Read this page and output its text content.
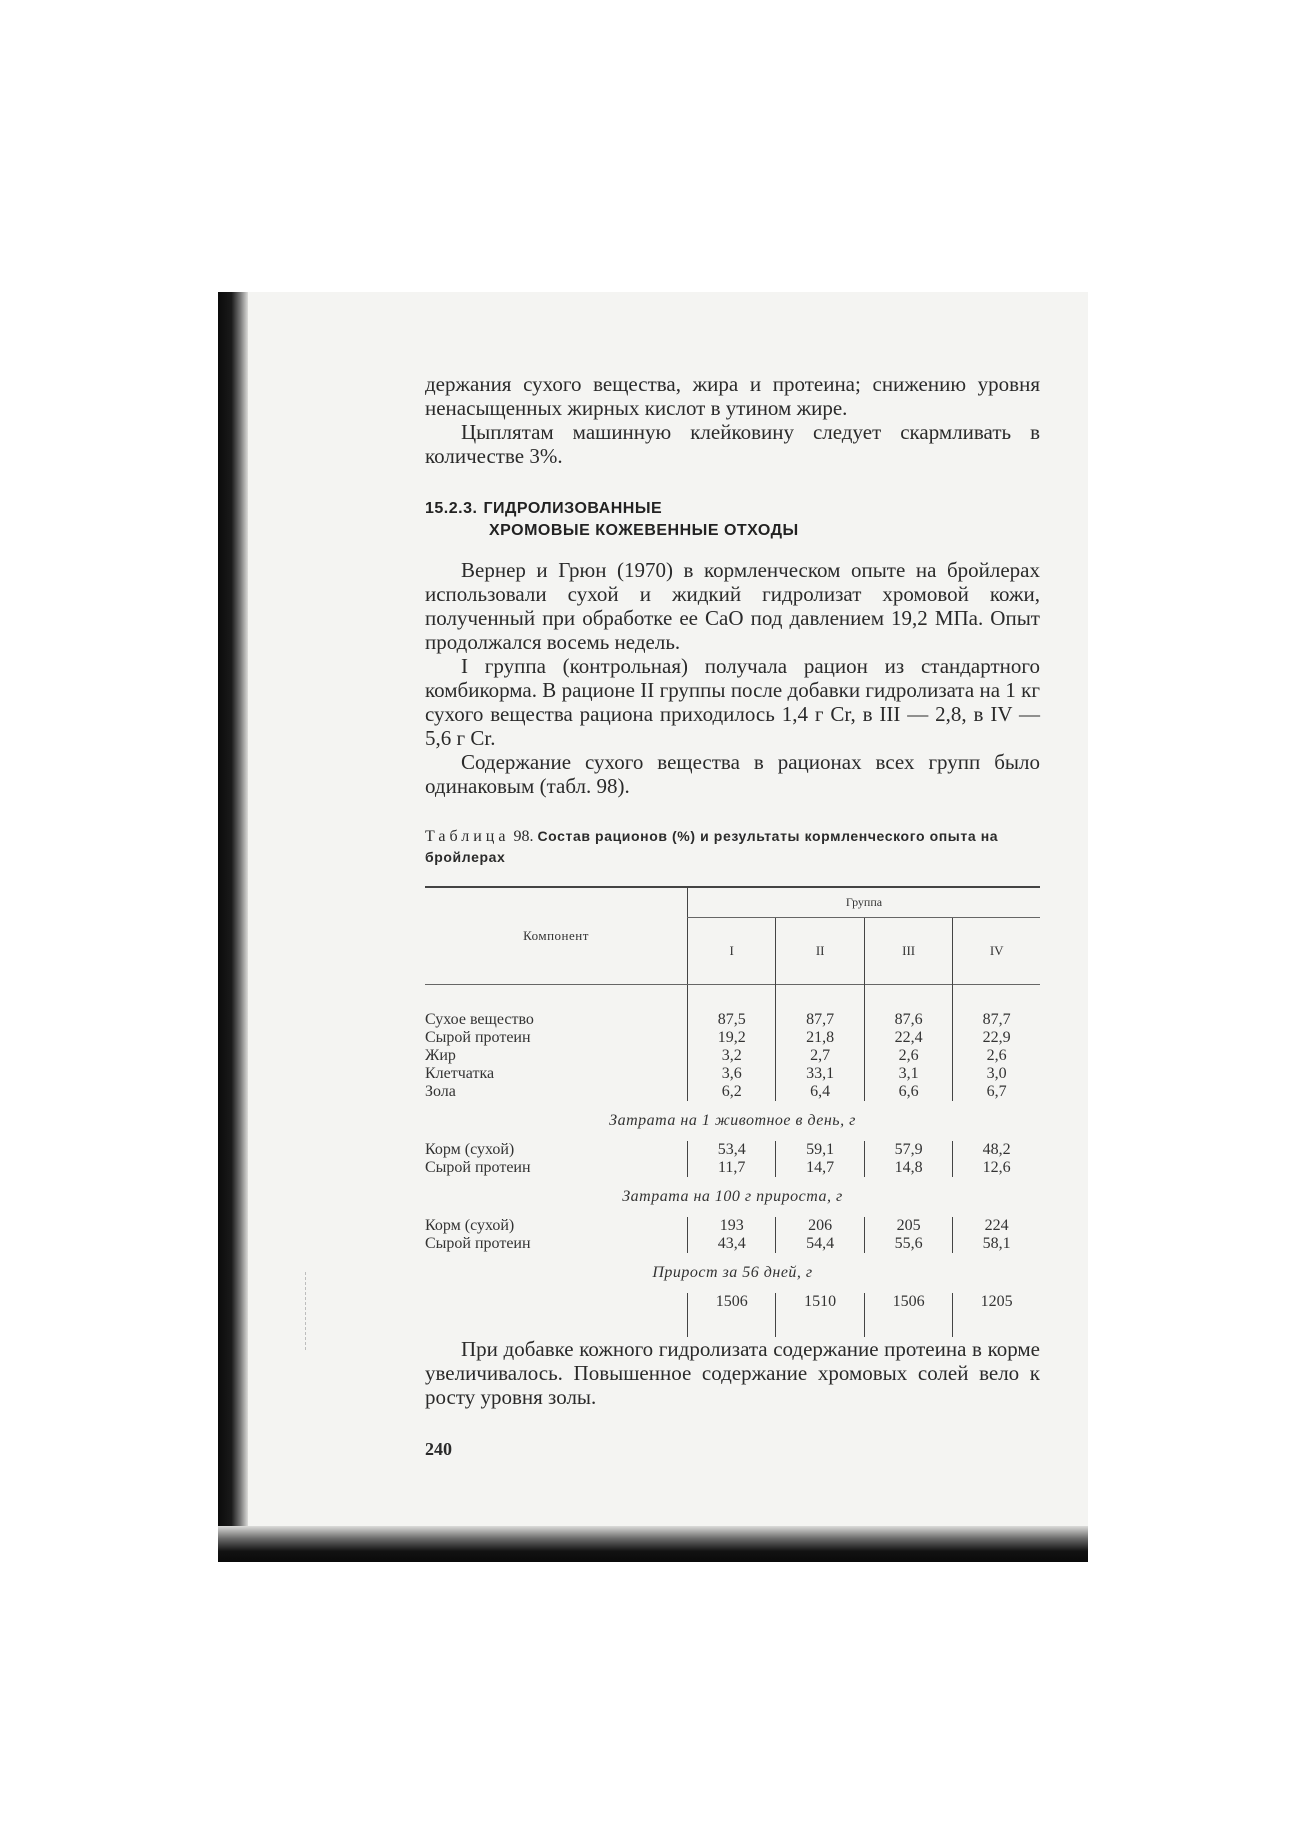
держания сухого вещества, жира и протеина; снижению уровня ненасыщенных жирных кислот в утином жире.

Цыплятам машинную клейковину следует скармливать в количестве 3%.

15.2.3. ГИДРОЛИЗОВАННЫЕ
ХРОМОВЫЕ КОЖЕВЕННЫЕ ОТХОДЫ

Вернер и Грюн (1970) в кормленческом опыте на бройлерах использовали сухой и жидкий гидролизат хромовой кожи, полученный при обработке ее CaO под давлением 19,2 МПа. Опыт продолжался восемь недель.

I группа (контрольная) получала рацион из стандартного комбикорма. В рационе II группы после добавки гидролизата на 1 кг сухого вещества рациона приходилось 1,4 г Cr, в III — 2,8, в IV — 5,6 г Cr.

Содержание сухого вещества в рационах всех групп было одинаковым (табл. 98).

Таблица 98. Состав рационов (%) и результаты кормленческого опыта на бройлерах
Компонент	Группа			
	I	II	III	IV

Сухое вещество	87,5	87,7	87,6	87,7
Сырой протеин	19,2	21,8	22,4	22,9
Жир	3,2	2,7	2,6	2,6
Клетчатка	3,6	33,1	3,1	3,0
Зола	6,2	6,4	6,6	6,7
Затрата на 1 животное в день, г				
Корм (сухой)	53,4	59,1	57,9	48,2
Сырой протеин	11,7	14,7	14,8	12,6
Затрата на 100 г прироста, г				
Корм (сухой)	193	206	205	224
Сырой протеин	43,4	54,4	55,6	58,1
Прирост за 56 дней, г				
	1506	1510	1506	1205

При добавке кожного гидролизата содержание протеина в корме увеличивалось. Повышенное содержание хромовых солей вело к росту уровня золы.

240
